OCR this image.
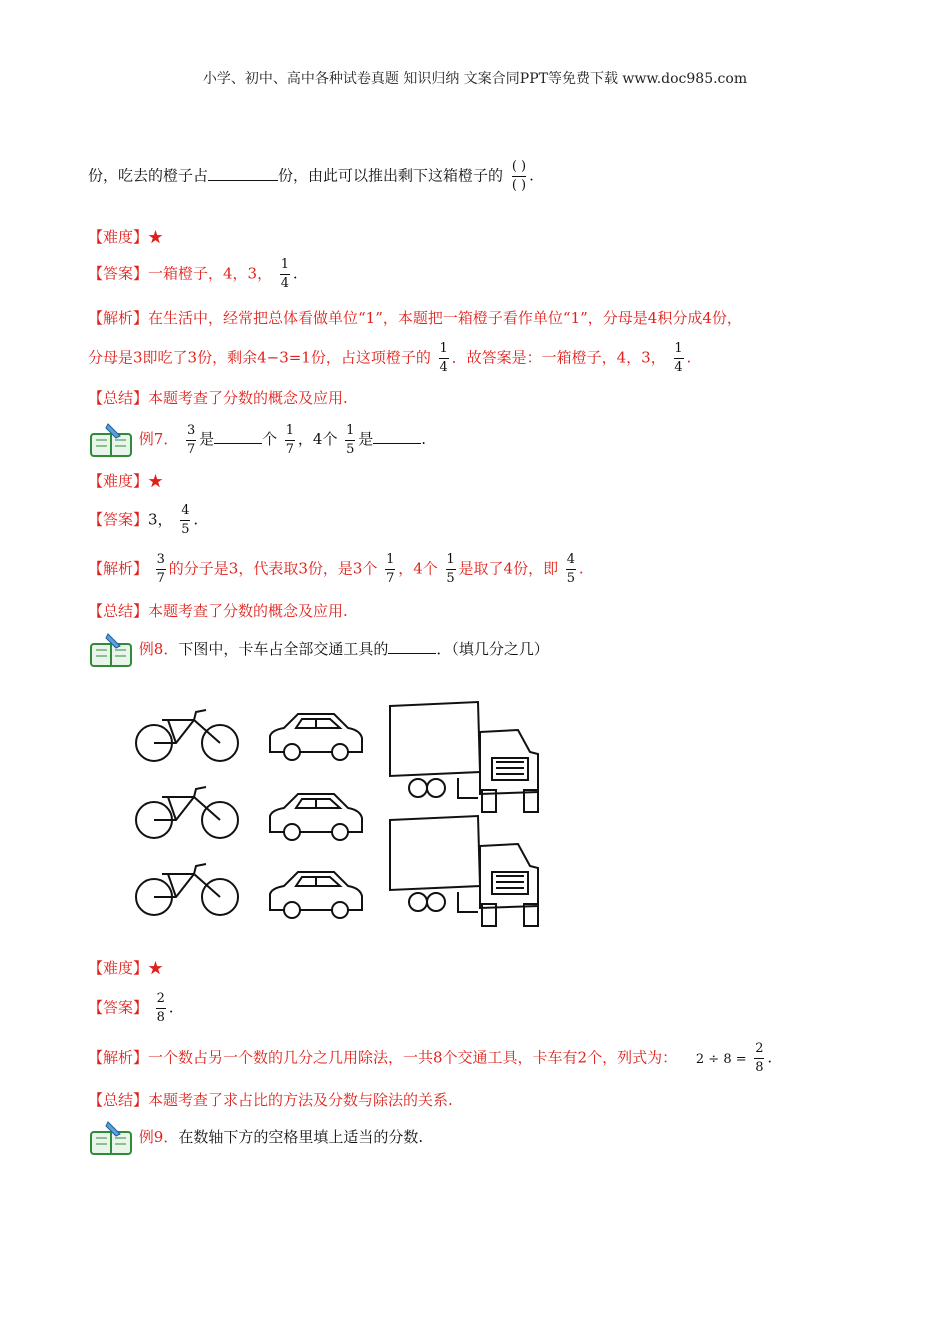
小学、初中、高中各种试卷真题 知识归纳 文案合同PPT等免费下载 www.doc985.com
份，吃去的橙子占	份，由此可以推出剩下这箱橙子的 $\frac{( )}{( )}$ .
【难度】★
【答案】一箱橙子，4，3， $\frac{1}{4}$ .
【解析】在生活中，经常把总体看做单位“1”，本题把一箱橙子看作单位“1”，分母是4积分成4份，
分母是3即吃了3份，剩余4−3=1份，占这项橙子的 $\frac{1}{4}$ ．故答案是：一箱橙子，4，3， $\frac{1}{4}$ .
【总结】本题考查了分数的概念及应用.
例7． $\frac{3}{7}$ 是	个 $\frac{1}{7}$ ，4个 $\frac{1}{5}$ 是	.
【难度】★
【答案】3， $\frac{4}{5}$ .
【解析】 $\frac{3}{7}$ 的分子是3，代表取3份，是3个 $\frac{1}{7}$ ，4个 $\frac{1}{5}$ 是取了4份，即 $\frac{4}{5}$ .
【总结】本题考查了分数的概念及应用.
例8．下图中，卡车占全部交通工具的	．（填几分之几）
【难度】★
【答案】 $\frac{2}{8}$ .
【解析】一个数占另一个数的几分之几用除法，一共8个交通工具，卡车有2个，列式为： $2 \div 8 = \frac{2}{8}$ .
【总结】本题考查了求占比的方法及分数与除法的关系.
例9．在数轴下方的空格里填上适当的分数.
